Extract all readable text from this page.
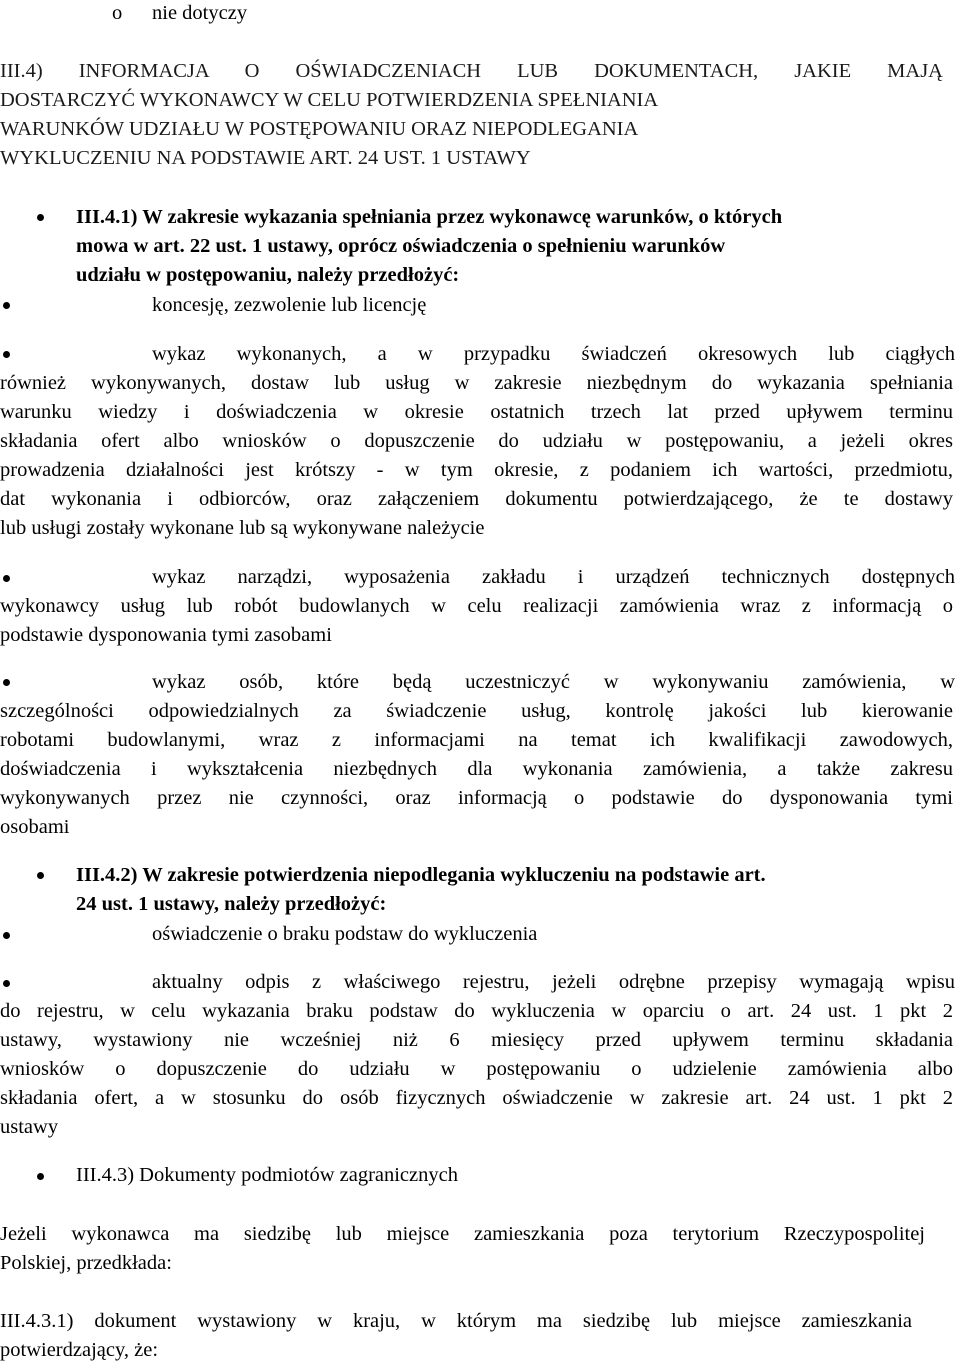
o nie dotyczy
III.4) INFORMACJA O OŚWIADCZENIACH LUB DOKUMENTACH, JAKIE MAJĄ
DOSTARCZYĆ WYKONAWCY W CELU POTWIERDZENIA SPEŁNIANIA
WARUNKÓW UDZIAŁU W POSTĘPOWANIU ORAZ NIEPODLEGANIA
WYKLUCZENIU NA PODSTAWIE ART. 24 UST. 1 USTAWY
III.4.1) W zakresie wykazania spełniania przez wykonawcę warunków, o których
mowa w art. 22 ust. 1 ustawy, oprócz oświadczenia o spełnieniu warunków
udziału w postępowaniu, należy przedłożyć:
koncesję, zezwolenie lub licencję
wykaz wykonanych, a w przypadku świadczeń okresowych lub ciągłych
również wykonywanych, dostaw lub usług w zakresie niezbędnym do wykazania spełniania
warunku wiedzy i doświadczenia w okresie ostatnich trzech lat przed upływem terminu
składania ofert albo wniosków o dopuszczenie do udziału w postępowaniu, a jeżeli okres
prowadzenia działalności jest krótszy - w tym okresie, z podaniem ich wartości, przedmiotu,
dat wykonania i odbiorców, oraz załączeniem dokumentu potwierdzającego, że te dostawy
lub usługi zostały wykonane lub są wykonywane należycie
wykaz narządzi, wyposażenia zakładu i urządzeń technicznych dostępnych
wykonawcy usług lub robót budowlanych w celu realizacji zamówienia wraz z informacją o
podstawie dysponowania tymi zasobami
wykaz osób, które będą uczestniczyć w wykonywaniu zamówienia, w
szczególności odpowiedzialnych za świadczenie usług, kontrolę jakości lub kierowanie
robotami budowlanymi, wraz z informacjami na temat ich kwalifikacji zawodowych,
doświadczenia i wykształcenia niezbędnych dla wykonania zamówienia, a także zakresu
wykonywanych przez nie czynności, oraz informacją o podstawie do dysponowania tymi
osobami
III.4.2) W zakresie potwierdzenia niepodlegania wykluczeniu na podstawie art.
24 ust. 1 ustawy, należy przedłożyć:
oświadczenie o braku podstaw do wykluczenia
aktualny odpis z właściwego rejestru, jeżeli odrębne przepisy wymagają wpisu
do rejestru, w celu wykazania braku podstaw do wykluczenia w oparciu o art. 24 ust. 1 pkt 2
ustawy, wystawiony nie wcześniej niż 6 miesięcy przed upływem terminu składania
wniosków o dopuszczenie do udziału w postępowaniu o udzielenie zamówienia albo
składania ofert, a w stosunku do osób fizycznych oświadczenie w zakresie art. 24 ust. 1 pkt 2
ustawy
III.4.3) Dokumenty podmiotów zagranicznych
Jeżeli wykonawca ma siedzibę lub miejsce zamieszkania poza terytorium Rzeczypospolitej
Polskiej, przedkłada:
III.4.3.1) dokument wystawiony w kraju, w którym ma siedzibę lub miejsce zamieszkania
potwierdzający, że:
